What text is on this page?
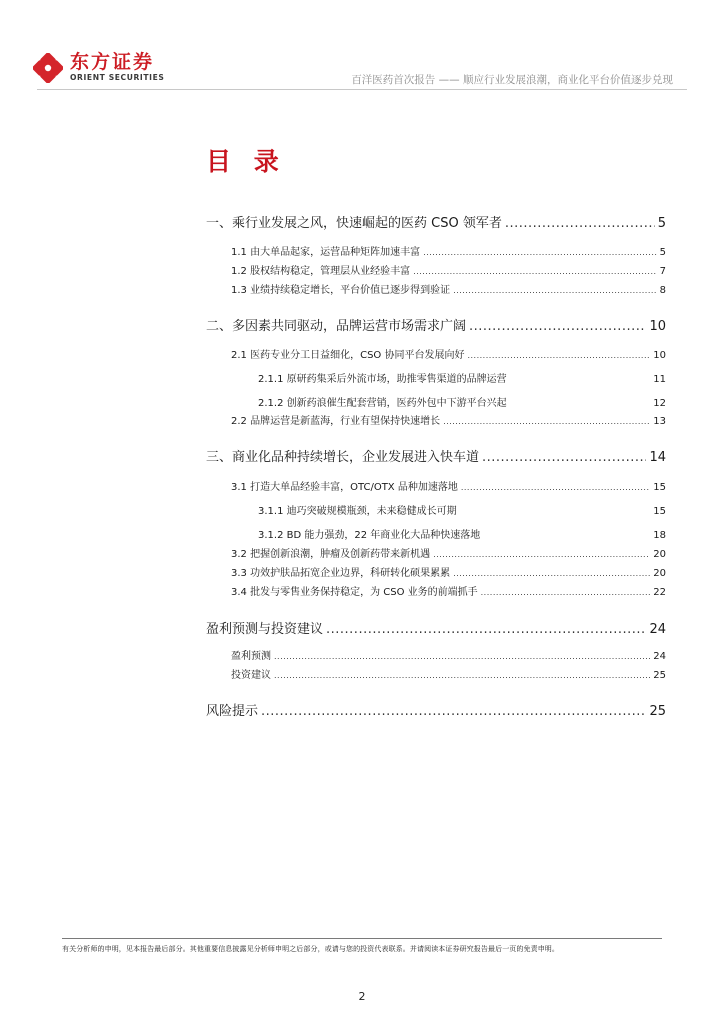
东方证券
ORIENT SECURITIES	百洋医药首次报告 —— 顺应行业发展浪潮，商业化平台价值逐步兑现
目 录
一、乘行业发展之风，快速崛起的医药 CSO 领军者 .....	5
1.1 由大单品起家，运营品种矩阵加速丰富 .....	5
1.2 股权结构稳定，管理层从业经验丰富 .....	7
1.3 业绩持续稳定增长，平台价值已逐步得到验证 .....	8
二、多因素共同驱动，品牌运营市场需求广阔 .....	10
2.1 医药专业分工日益细化，CSO 协同平台发展向好 .....	10
2.1.1 原研药集采后外流市场，助推零售渠道的品牌运营	11
2.1.2 创新药浪催生配套营销，医药外包中下游平台兴起	12
2.2 品牌运营是新蓝海，行业有望保持快速增长 .....	13
三、商业化品种持续增长，企业发展进入快车道 .....	14
3.1 打造大单品经验丰富，OTC/OTX 品种加速落地 .....	15
3.1.1 迪巧突破规模瓶颈，未来稳健成长可期	15
3.1.2 BD 能力强劲，22 年商业化大品种快速落地	18
3.2 把握创新浪潮，肿瘤及创新药带来新机遇 .....	20
3.3 功效护肤品拓宽企业边界，科研转化硕果累累 .....	20
3.4 批发与零售业务保持稳定，为 CSO 业务的前端抓手 .....	22
盈利预测与投资建议 .....	24
盈利预测 .....	24
投资建议 .....	25
风险提示 .....	25
有关分析师的申明，见本报告最后部分。其他重要信息披露见分析师申明之后部分，或请与您的投资代表联系。并请阅读本证券研究报告最后一页的免责申明。
2
